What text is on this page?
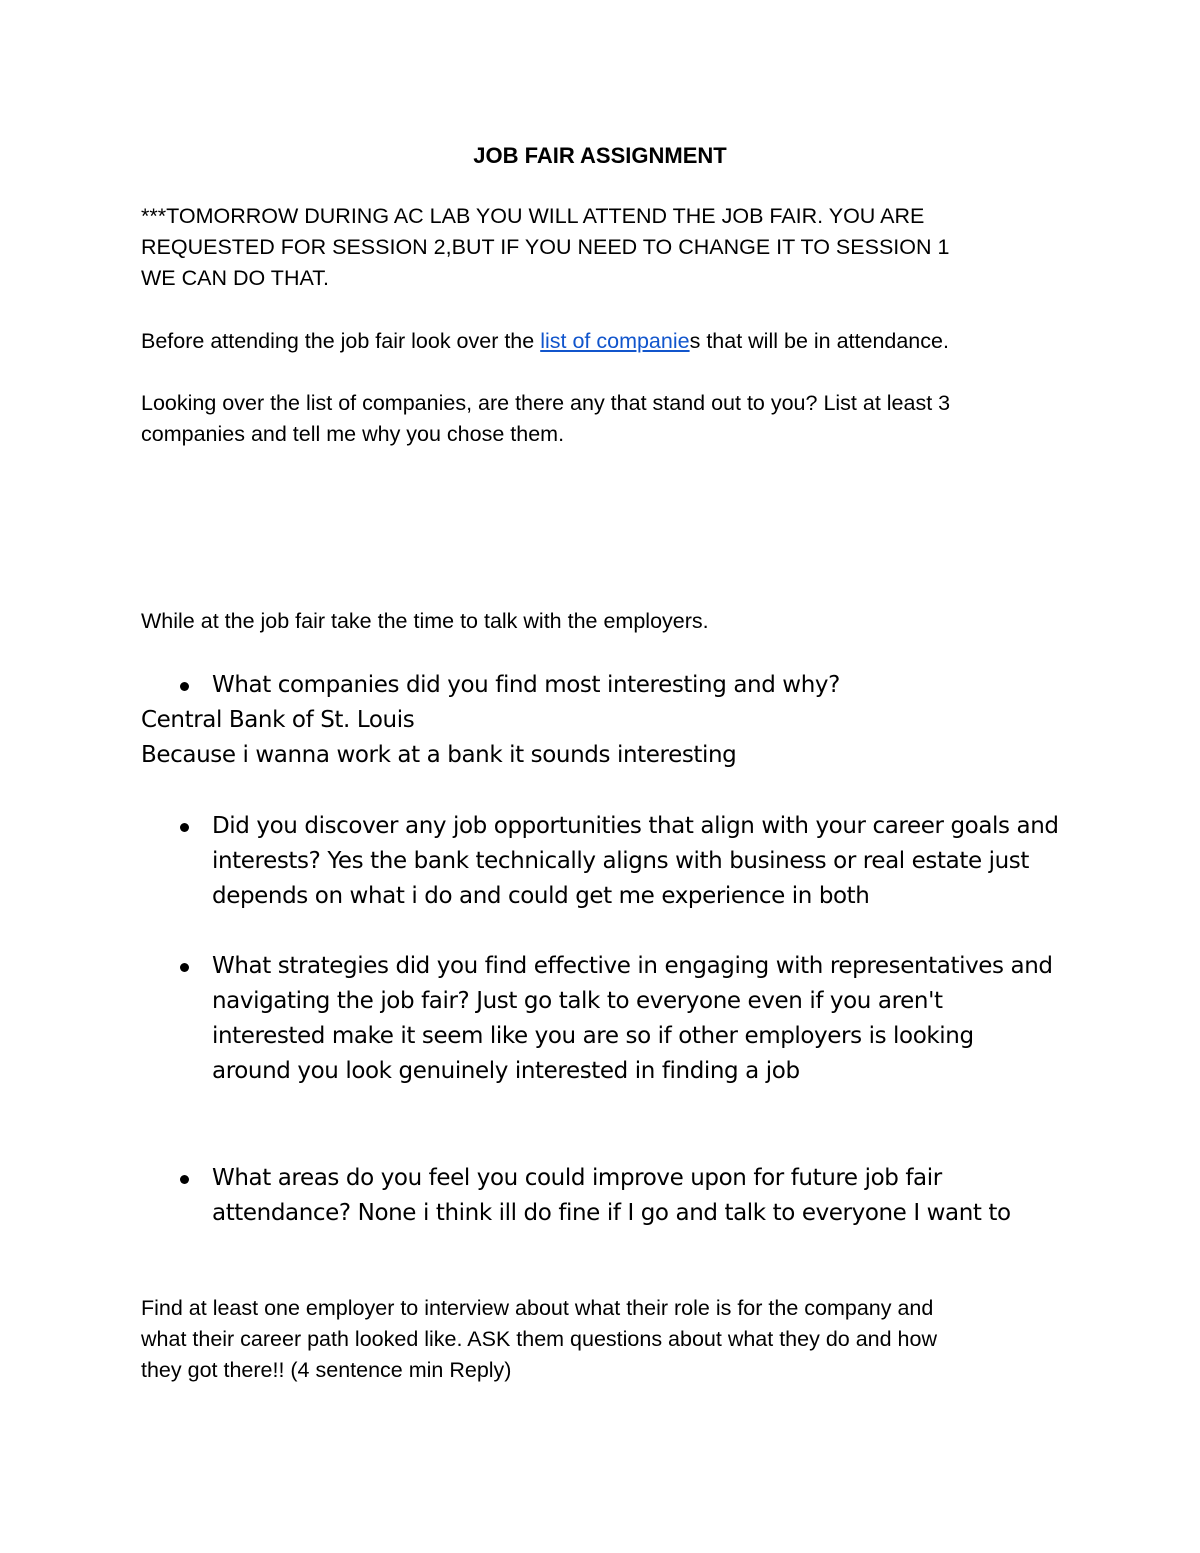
JOB FAIR ASSIGNMENT

***TOMORROW DURING AC LAB YOU WILL ATTEND THE JOB FAIR. YOU ARE
REQUESTED FOR SESSION 2,BUT IF YOU NEED TO CHANGE IT TO SESSION 1
WE CAN DO THAT.

Before attending the job fair look over the list of companies that will be in attendance.

Looking over the list of companies, are there any that stand out to you? List at least 3
companies and tell me why you chose them.

While at the job fair take the time to talk with the employers.

What companies did you find most interesting and why?

Central Bank of St. Louis
Because i wanna work at a bank it sounds interesting

Did you discover any job opportunities that align with your career goals and
interests? Yes the bank technically aligns with business or real estate just
depends on what i do and could get me experience in both
What strategies did you find effective in engaging with representatives and
navigating the job fair? Just go talk to everyone even if you aren't
interested make it seem like you are so if other employers is looking
around you look genuinely interested in finding a job
What areas do you feel you could improve upon for future job fair
attendance? None i think ill do fine if I go and talk to everyone I want to

Find at least one employer to interview about what their role is for the company and
what their career path looked like. ASK them questions about what they do and how
they got there!! (4 sentence min Reply)
